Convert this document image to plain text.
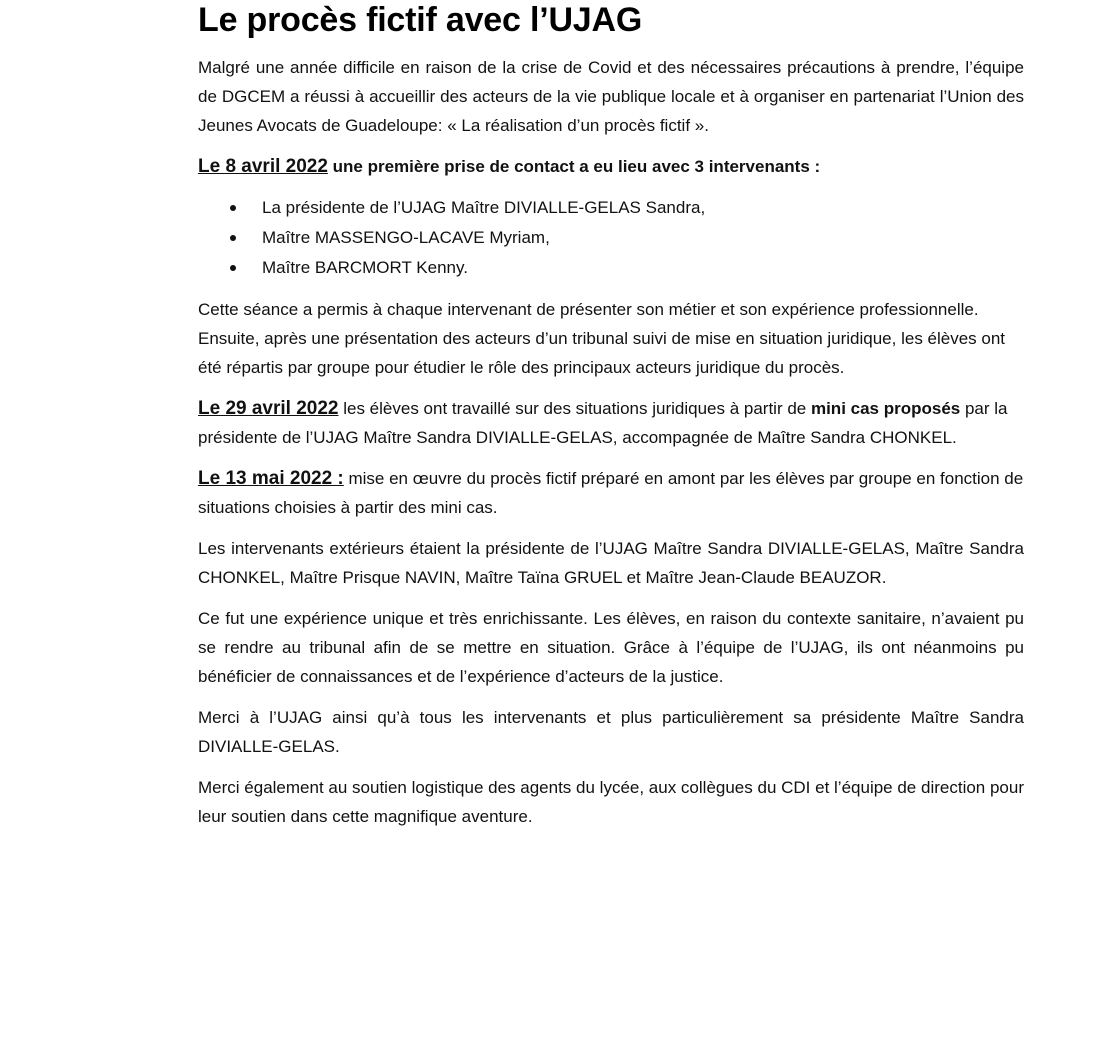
Le procès fictif avec l’UJAG

Malgré une année difficile en raison de la crise de Covid et des nécessaires précautions à prendre, l’équipe de DGCEM a réussi à accueillir des acteurs de la vie publique locale et à organiser en partenariat l’Union des Jeunes Avocats de Guadeloupe: « La réalisation d’un procès fictif ».

Le 8 avril 2022 une première prise de contact a eu lieu avec 3 intervenants :

La présidente de l’UJAG Maître DIVIALLE-GELAS Sandra,
Maître MASSENGO-LACAVE Myriam,
Maître BARCMORT Kenny.

Cette séance a permis à chaque intervenant de présenter son métier et son expérience professionnelle. Ensuite, après une présentation des acteurs d’un tribunal suivi de mise en situation juridique, les élèves ont été répartis par groupe pour étudier le rôle des principaux acteurs juridique du procès.

Le 29 avril 2022 les élèves ont travaillé sur des situations juridiques à partir de mini cas proposés par la présidente de l’UJAG Maître Sandra DIVIALLE-GELAS, accompagnée de Maître Sandra CHONKEL.

Le 13 mai 2022 : mise en œuvre du procès fictif préparé en amont par les élèves par groupe en fonction de situations choisies à partir des mini cas.

Les intervenants extérieurs étaient la présidente de l’UJAG Maître Sandra DIVIALLE-GELAS, Maître Sandra CHONKEL, Maître Prisque NAVIN, Maître Taïna GRUEL et Maître Jean-Claude BEAUZOR.

Ce fut une expérience unique et très enrichissante. Les élèves, en raison du contexte sanitaire, n’avaient pu se rendre au tribunal afin de se mettre en situation. Grâce à l’équipe de l’UJAG, ils ont néanmoins pu bénéficier de connaissances et de l’expérience d’acteurs de la justice.

Merci à l’UJAG ainsi qu’à tous les intervenants et plus particulièrement sa présidente Maître Sandra DIVIALLE-GELAS.

Merci également au soutien logistique des agents du lycée, aux collègues du CDI et l’équipe de direction pour leur soutien dans cette magnifique aventure.
